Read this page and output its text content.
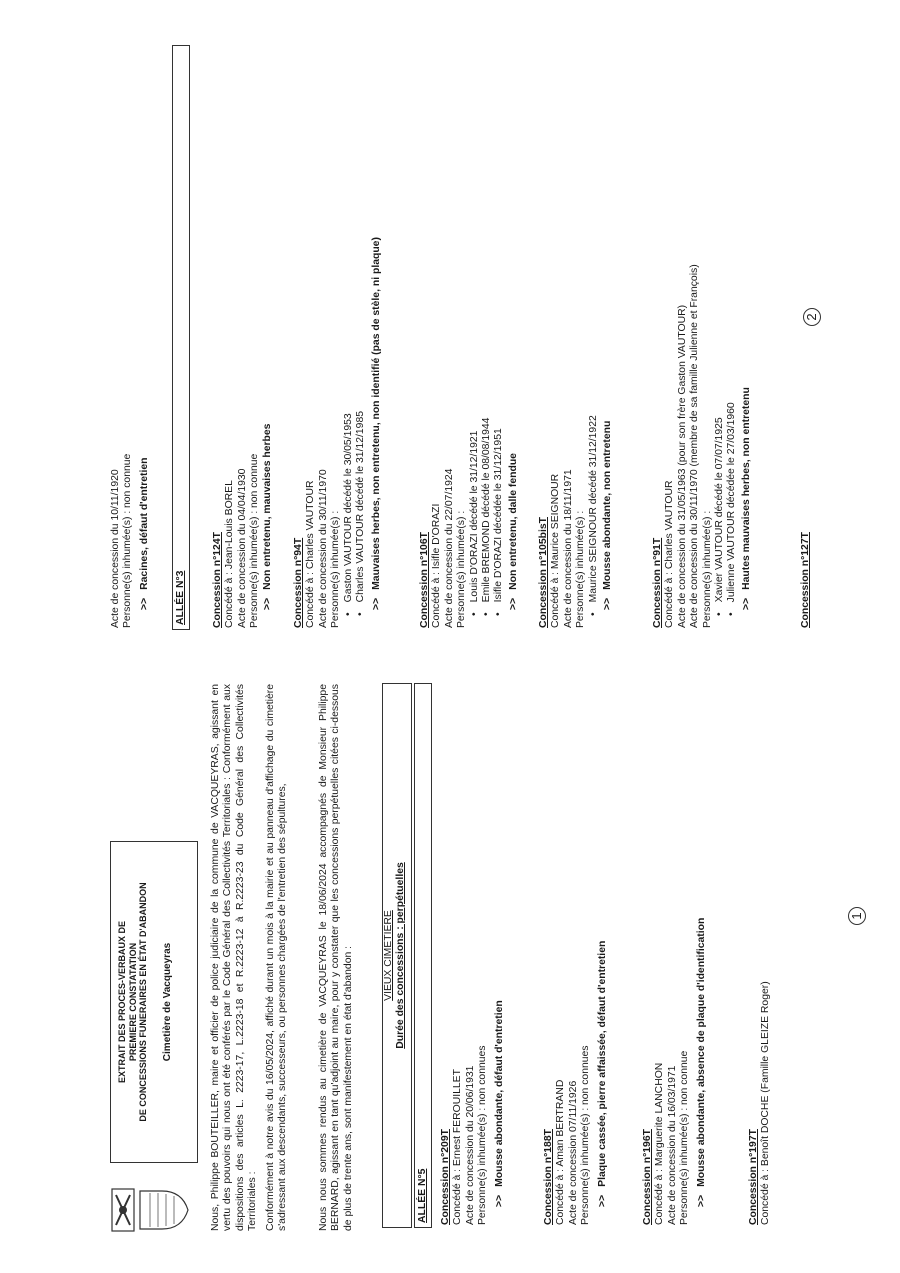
EXTRAIT DES PROCES-VERBAUX DE PREMIERE CONSTATATION DE CONCESSIONS FUNERAIRES EN ÉTAT D'ABANDON Cimetière de Vacqueyras	Nous, Philippe BOUTEILLER, maire et officier de police judiciaire de la commune de VACQUEYRAS, agissant en vertu des pouvoirs qui nous ont été conférés par le Code Général des Collectivités Territoriales : Conformément aux dispositions des articles L. 2223-17, L.2223-18 et R.2223-12 à R.2223-23 du Code Général des Collectivités Territoriales : Conformément à notre avis du 16/05/2024, affiché durant un mois à la mairie et au panneau d'affichage du cimetière s'adressant aux descendants, successeurs, ou personnes chargées de l'entretien des sépultures,	Nous nous sommes rendus au cimetière de VACQUEYRAS le 18/06/2024 accompagnés de Monsieur Philippe BERNARD, agissant en tant qu'adjoint au maire, pour y constater que les concessions perpétuelles citées ci-dessous de plus de trente ans, sont manifestement en état d'abandon :	VIEUX CIMETIERE Durée des concessions : perpétuelles
ALLÉE N°5	Concession n°209T Concédé à : Ernest FEROUILLET Acte de concession du 20/06/1931 Personne(s) inhumée(s) :non connues
>>Mousse abondante, défaut d'entretien	Concession n°188T Concédé à : Aman BERTRAND Acte de concession 07/11/1926 Personne(s) inhumée(s) :non connues
>>Plaque cassée, pierre affaissée, défaut d'entretien	Concession n°196T Concédé à : Marguerite LANCHON Acte de concession du 16/03/1971 Personne(s) inhumée(s) :non connue
>>Mousse abondante, absence de plaque d'identification	Concession n°197T Concédé à : Benoît DOCHE (Famille GLEIZE Roger)
1
Acte de concession du 10/11/1920 Personne(s) inhumée(s) :non connue
>>Racines, défaut d'entretien
ALLÉE N°3	Concession n°124T Concédé à : Jean-Louis BOREL Acte de concession du 04/04/1930 Personne(s) inhumée(s) :non connue
>>Non entretenu, mauvaises herbes Concession n°94T Concédé à : Charles VAUTOUR Acte de concession du 30/11/1970 Personne(s) inhumée(s) : • Gaston VAUTOUR décédé le 30/05/1953 • Charles VAUTOUR décédé le 31/12/1985
>>Mauvaises herbes, non entretenu, non identifié (pas de stèle, ni plaque)	Concession n°106T Concédé à : Isifle D'ORAZI Acte de concession du 22/07/1924 Personne(s) inhumée(s) : • Louis D'ORAZI décédé le 31/12/1921 • Emile BREMOND décédé le 08/08/1944 • Isifle D'ORAZI décédée le 31/12/1951
>>Non entretenu, dalle fendue Concession n°105bisT Concédé à : Maurice SEIGNOUR Acte de concession du 18/11/1971 Personne(s) inhumée(s) : • Maurice SEIGNOUR décédé 31/12/1922
>>Mousse abondante, non entretenu	Concession n°91T Concédé à : Charles VAUTOUR Acte de concession du 31/05/1963 (pour son frère Gaston VAUTOUR) Acte de concession du 30/11/1970 (membre de sa famille Julienne et François) Personne(s) inhumée(s) : • Xavier VAUTOUR décédé le 07/07/1925 • Julienne VAUTOUR décédée le 27/03/1960
>>Hautes mauvaises herbes, non entretenu	Concession n°127T
2
